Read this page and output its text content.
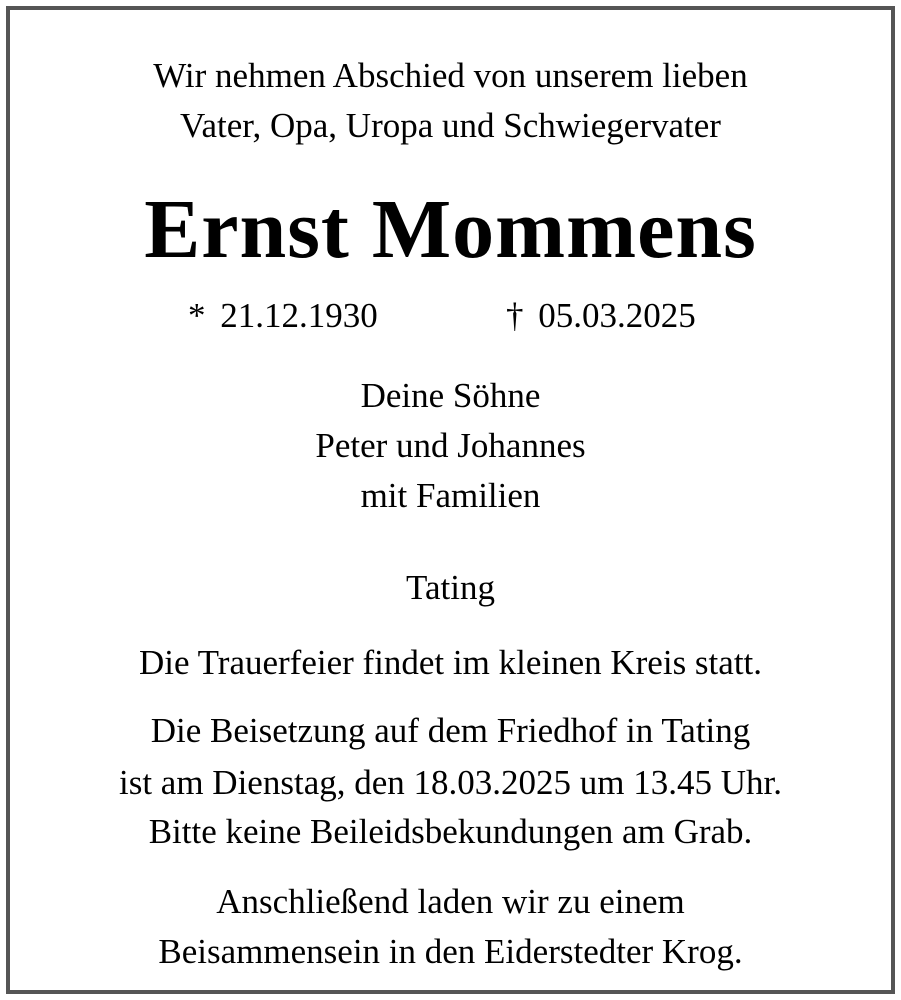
Wir nehmen Abschied von unserem lieben
Vater, Opa, Uropa und Schwiegervater
Ernst Mommens
* 21.12.1930	† 05.03.2025
Deine Söhne
Peter und Johannes
mit Familien
Tating
Die Trauerfeier findet im kleinen Kreis statt.
Die Beisetzung auf dem Friedhof in Tating
ist am Dienstag, den 18.03.2025 um 13.45 Uhr.
Bitte keine Beileidsbekundungen am Grab.
Anschließend laden wir zu einem
Beisammensein in den Eiderstedter Krog.
